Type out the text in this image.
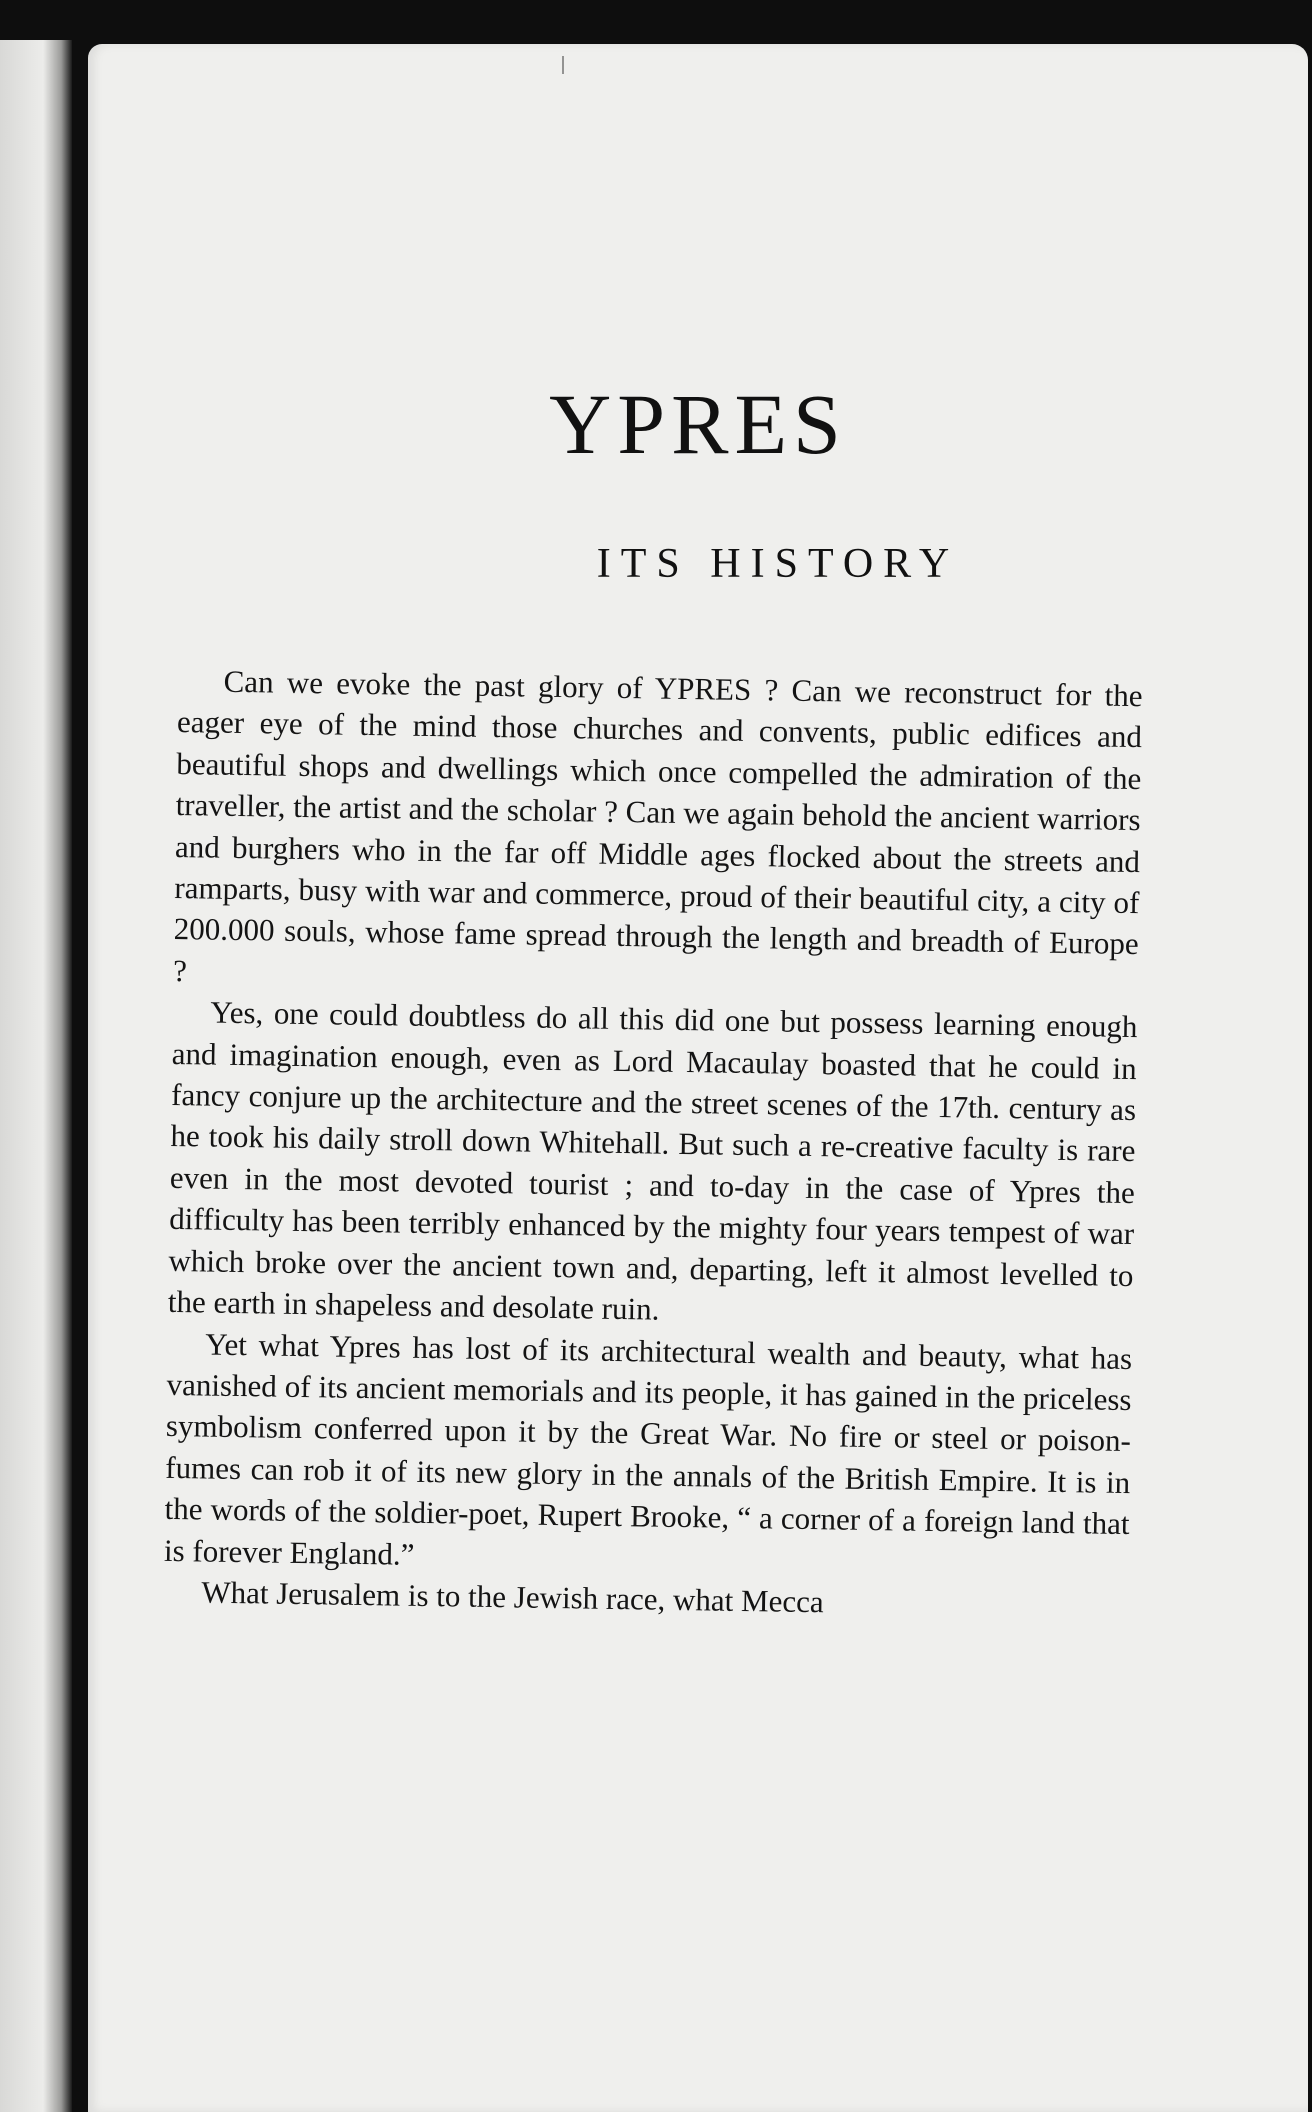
YPRES
ITS HISTORY

Can we evoke the past glory of YPRES ? Can we reconstruct for the eager eye of the mind those churches and convents, public edifices and beautiful shops and dwellings which once compelled the admiration of the traveller, the artist and the scholar ? Can we again behold the ancient warriors and burghers who in the far off Middle ages flocked about the streets and ramparts, busy with war and commerce, proud of their beautiful city, a city of 200.000 souls, whose fame spread through the length and breadth of Europe ?

Yes, one could doubtless do all this did one but possess learning enough and imagination enough, even as Lord Macaulay boasted that he could in fancy conjure up the architecture and the street scenes of the 17th. century as he took his daily stroll down Whitehall. But such a re-creative faculty is rare even in the most devoted tourist ; and to-day in the case of Ypres the difficulty has been terribly enhanced by the mighty four years tempest of war which broke over the ancient town and, departing, left it almost levelled to the earth in shapeless and desolate ruin.

Yet what Ypres has lost of its architectural wealth and beauty, what has vanished of its ancient memorials and its people, it has gained in the priceless symbolism conferred upon it by the Great War. No fire or steel or poison-fumes can rob it of its new glory in the annals of the British Empire. It is in the words of the soldier-poet, Rupert Brooke, “ a corner of a foreign land that is forever England.”

What Jerusalem is to the Jewish race, what Mecca
